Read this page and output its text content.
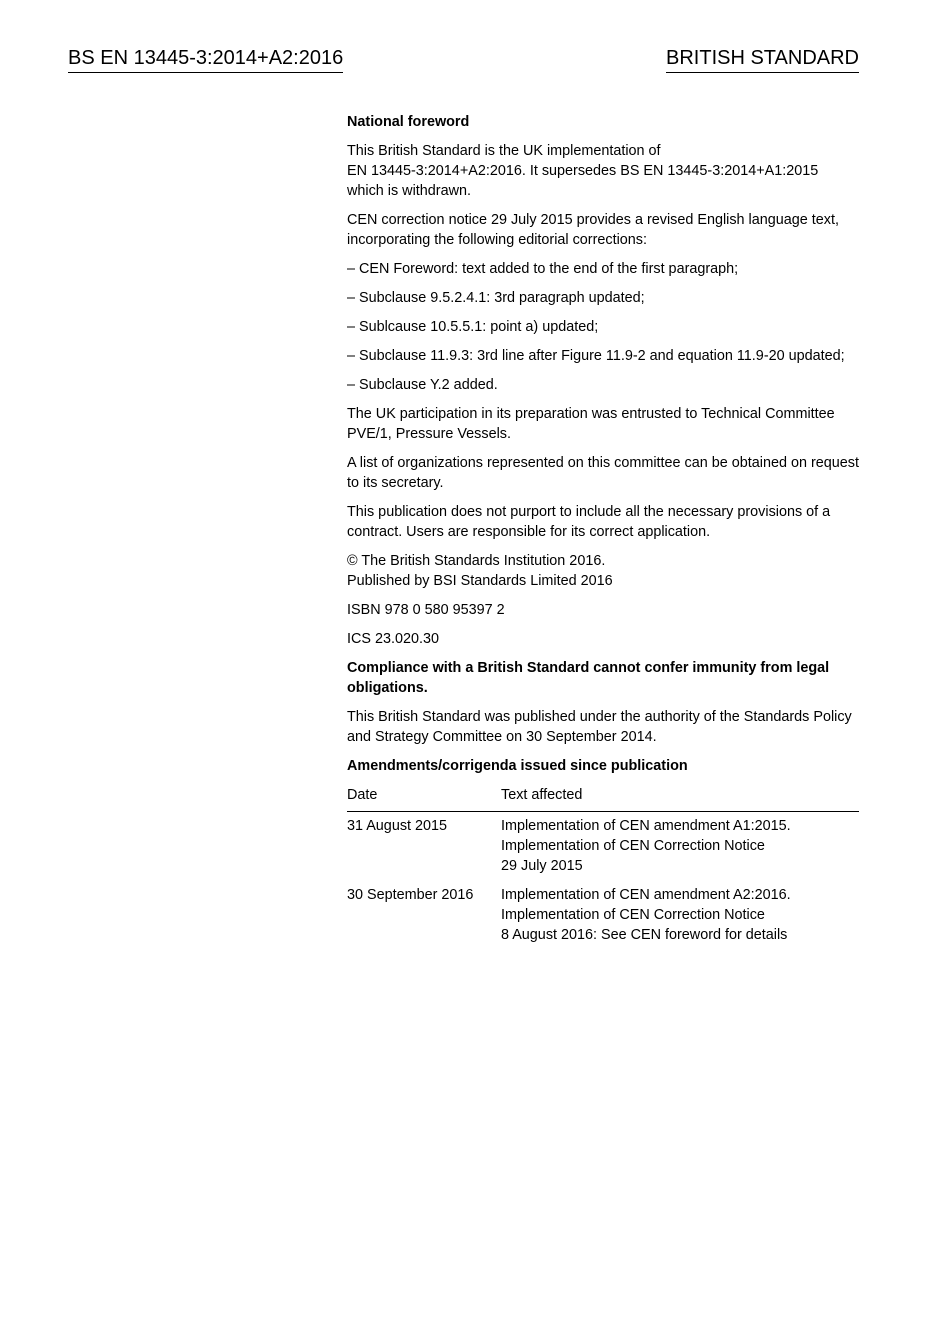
BS EN 13445-3:2014+A2:2016	BRITISH STANDARD

National foreword

This British Standard is the UK implementation of
EN 13445-3:2014+A2:2016. It supersedes BS EN 13445-3:2014+A1:2015
which is withdrawn.

CEN correction notice 29 July 2015 provides a revised English language text, incorporating the following editorial corrections:

– CEN Foreword: text added to the end of the first paragraph;
– Subclause 9.5.2.4.1: 3rd paragraph updated;
– Sublcause 10.5.5.1: point a) updated;
– Subclause 11.9.3: 3rd line after Figure 11.9-2 and equation 11.9-20 updated;
– Subclause Y.2 added.

The UK participation in its preparation was entrusted to Technical Committee PVE/1, Pressure Vessels.

A list of organizations represented on this committee can be obtained on request to its secretary.

This publication does not purport to include all the necessary provisions of a contract. Users are responsible for its correct application.

© The British Standards Institution 2016.
Published by BSI Standards Limited 2016

ISBN 978 0 580 95397 2

ICS 23.020.30

Compliance with a British Standard cannot confer immunity from legal obligations.

This British Standard was published under the authority of the Standards Policy and Strategy Committee on 30 September 2014.

Amendments/corrigenda issued since publication

Date	Text affected
31 August 2015	Implementation of CEN amendment A1:2015.
Implementation of CEN Correction Notice
29 July 2015

30 September 2016	Implementation of CEN amendment A2:2016.
Implementation of CEN Correction Notice
8 August 2016: See CEN foreword for details
